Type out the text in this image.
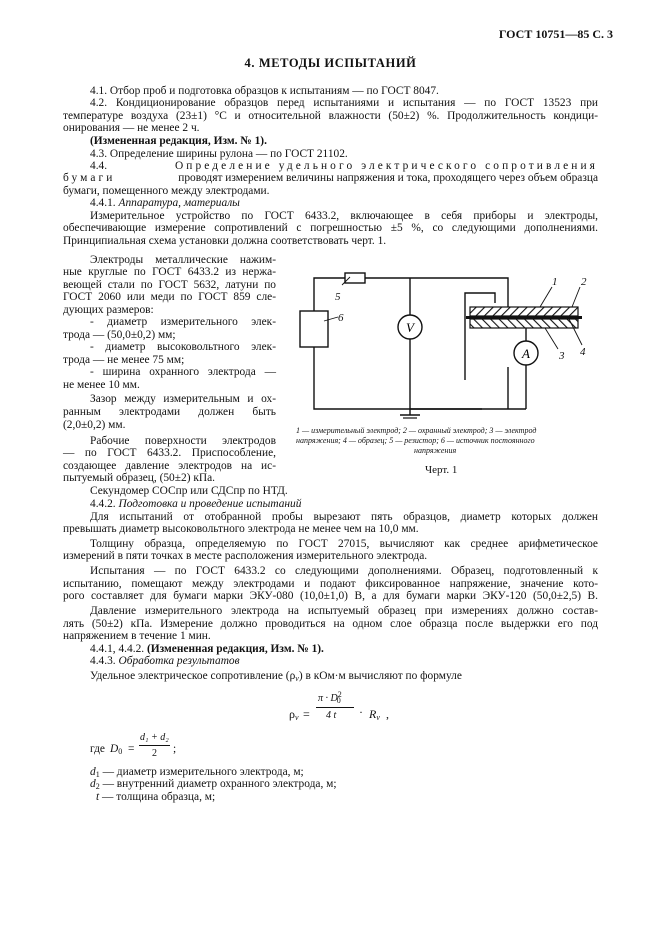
ГОСТ 10751—85 С. 3
4. МЕТОДЫ ИСПЫТАНИЙ
4.1. Отбор проб и подготовка образцов к испытаниям — по ГОСТ 8047.
4.2. Кондиционирование образцов перед испытаниями и испытания — по ГОСТ 13523 при
температуре воздуха (23±1) °С и относительной влажности (50±2) %. Продолжительность кондици-
онирования — не менее 2 ч.
(Измененная редакция, Изм. № 1).
4.3. Определение ширины рулона — по ГОСТ 21102.
4.4.	Определение удельного электрического сопротивления
бумаги	проводят измерением величины напряжения и тока, проходящего через объем образца
бумаги, помещенного между электродами.
4.4.1. Аппаратура, материалы
Измерительное устройство по ГОСТ 6433.2, включающее в себя приборы и электроды,
обеспечивающие измерение сопротивлений с погрешностью ±5 %, со следующими дополнениями.
Принципиальная схема установки должна соответствовать черт. 1.
Электроды металлические нажим-
ные круглые по ГОСТ 6433.2 из нержа-
веющей стали по ГОСТ 5632, латуни по
ГОСТ 2060 или меди по ГОСТ 859 сле-
дующих размеров:
- диаметр измерительного элек-
трода — (50,0±0,2) мм;
- диаметр высоковольтного элек-
трода — не менее 75 мм;
- ширина охранного электрода —
не менее 10 мм.
Зазор между измерительным и ох-
ранным электродами должен быть
(2,0±0,2) мм.
Рабочие поверхности электродов
— по ГОСТ 6433.2. Приспособление,
создающее давление электродов на ис-
пытуемый образец, (50±2) кПа.
V
A
1 2
3 4
5
6
1 — измерительный электрод; 2 — охранный электрод; 3 — электрод
напряжения; 4 — образец; 5 — резистор; 6 — источник постоянного
напряжения
Черт. 1
Секундомер СОСпр или СДСпр по НТД.
4.4.2. Подготовка и проведение испытаний
Для испытаний от отобранной пробы вырезают пять образцов, диаметр которых должен
превышать диаметр высоковольтного электрода не менее чем на 10,0 мм.
Толщину образца, определяемую по ГОСТ 27015, вычисляют как среднее арифметическое
измерений в пяти точках в месте расположения измерительного электрода.
Испытания — по ГОСТ 6433.2 со следующими дополнениями. Образец, подготовленный к
испытанию, помещают между электродами и подают фиксированное напряжение, значение кото-
рого составляет для бумаги марки ЭКУ-080 (10,0±1,0) В, а для бумаги марки ЭКУ-120 (50,0±2,5) В.
Давление измерительного электрода на испытуемый образец при измерениях должно состав-
лять (50±2) кПа. Измерение должно проводиться на одном слое образца после выдержки его под
напряжением в течение 1 мин.
4.4.1, 4.4.2. (Измененная редакция, Изм. № 1).
4.4.3. Обработка результатов
Удельное электрическое сопротивление $(\rho_v)$ в кОм·м вычисляют по формуле
$\rho_v$ =
$\pi \cdot D^2_0$
4 $t \cdot R_v$ ,
где $D_0$ =
d₁ + d₂
2 ;
$d_1$ — диаметр измерительного электрода, м;
$d_2$ — внутренний диаметр охранного электрода, м;
t — толщина образца, м;
